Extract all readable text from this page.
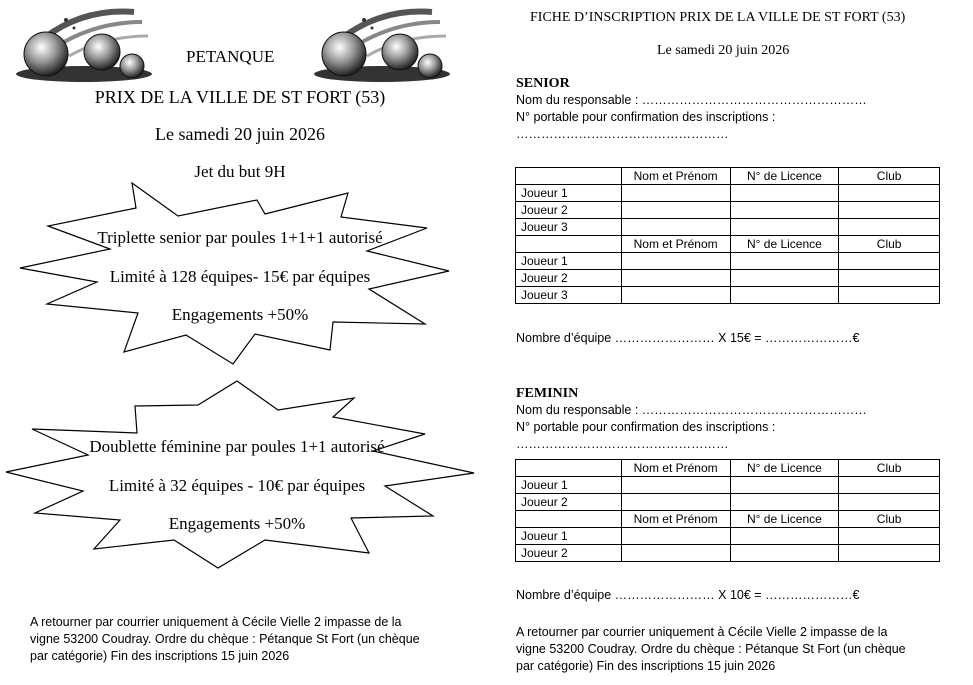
PETANQUE
PRIX DE LA VILLE DE ST FORT (53)
Le samedi 20 juin 2026
Jet du but 9H
Triplette senior par poules 1+1+1 autorisé
Limité à 128 équipes- 15€ par équipes
Engagements +50%
Doublette féminine par poules 1+1 autorisé
Limité à 32 équipes - 10€ par équipes
Engagements +50%
A retourner par courrier uniquement à Cécile Vielle 2 impasse de la
vigne 53200 Coudray. Ordre du chèque : Pétanque St Fort (un chèque
par catégorie) Fin des inscriptions 15 juin 2026
FICHE D’INSCRIPTION PRIX DE LA VILLE DE ST FORT (53)
Le samedi 20 juin 2026
SENIOR
Nom du responsable : ………………………………………………
N° portable pour confirmation des inscriptions :
……………………………………………
	Nom et Prénom	N° de Licence	Club
Joueur 1			
Joueur 2			
Joueur 3			
	Nom et Prénom	N° de Licence	Club
Joueur 1			
Joueur 2			
Joueur 3			
Nombre d’équipe …………………… X 15€ = …………………€
FEMININ
Nom du responsable : ………………………………………………
N° portable pour confirmation des inscriptions :
……………………………………………
	Nom et Prénom	N° de Licence	Club
Joueur 1			
Joueur 2			
	Nom et Prénom	N° de Licence	Club
Joueur 1			
Joueur 2			
Nombre d’équipe …………………… X 10€ = …………………€
A retourner par courrier uniquement à Cécile Vielle 2 impasse de la
vigne 53200 Coudray. Ordre du chèque : Pétanque St Fort (un chèque
par catégorie) Fin des inscriptions 15 juin 2026
